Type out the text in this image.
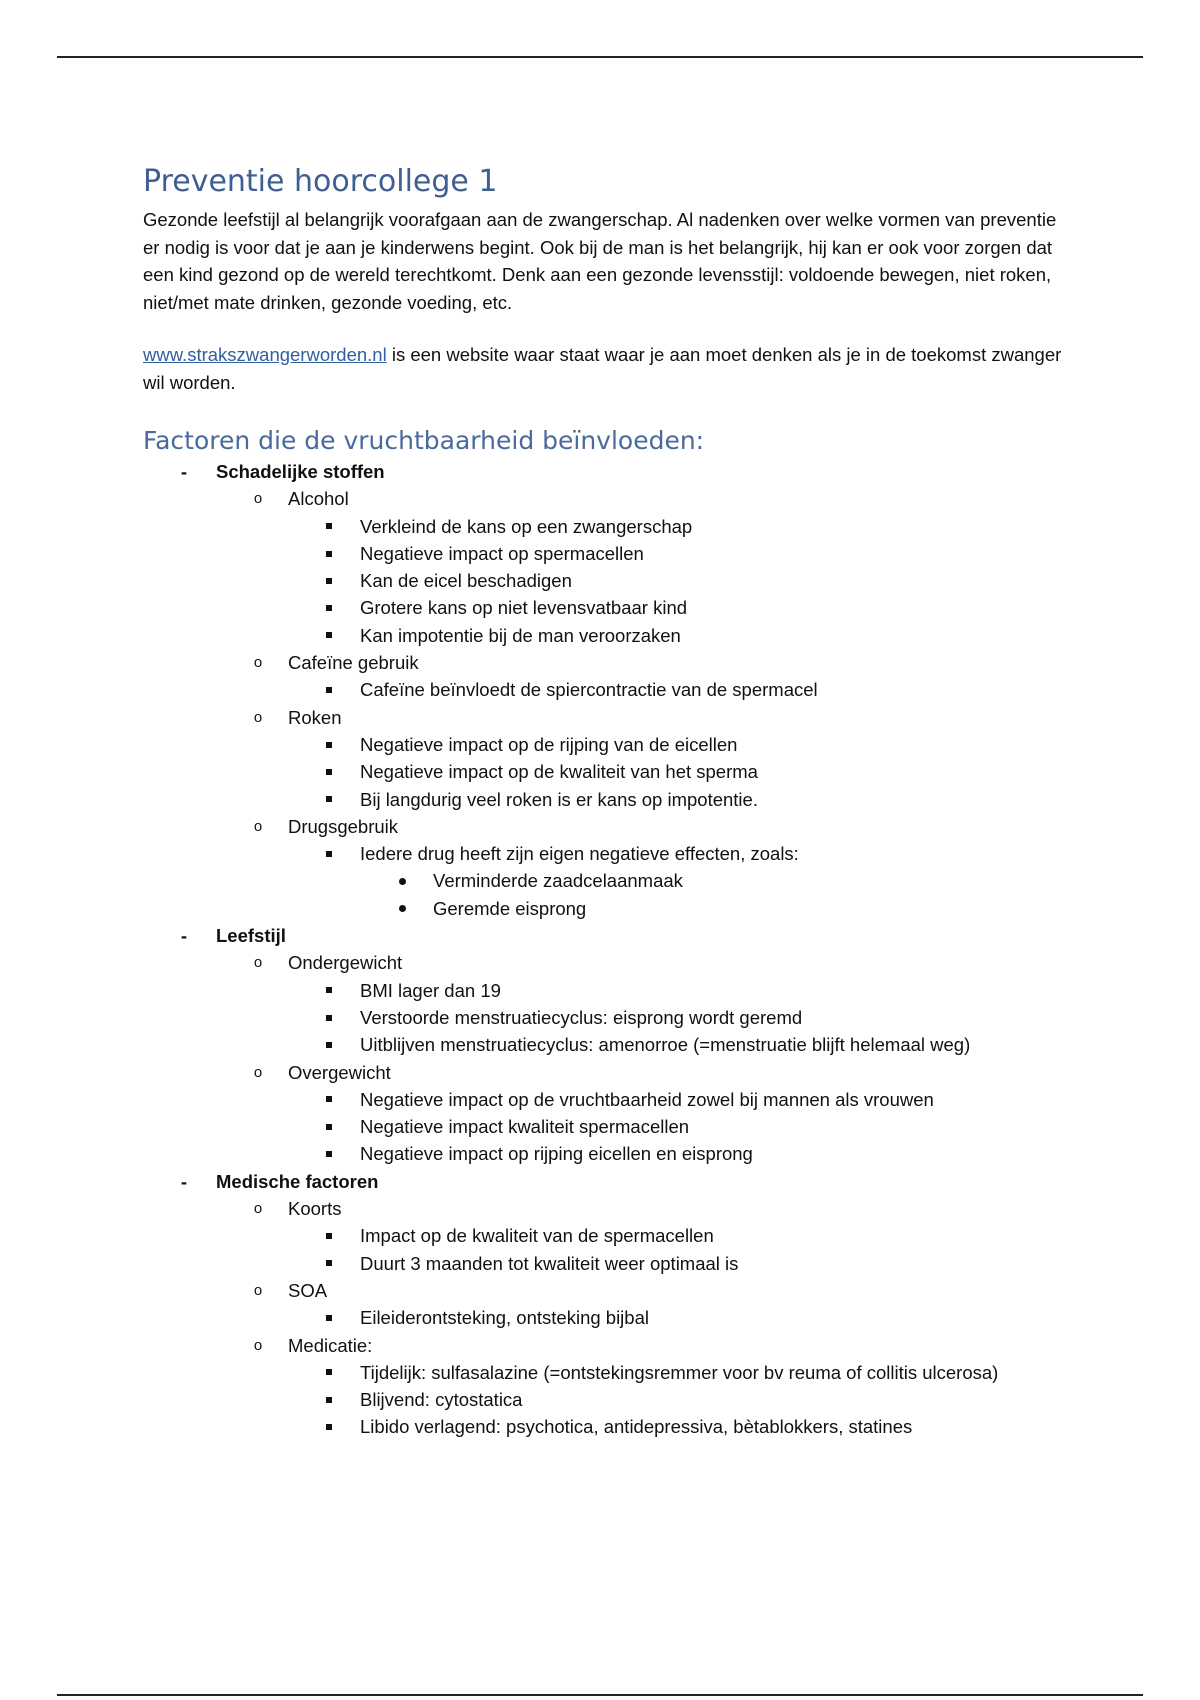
Preventie hoorcollege 1

Gezonde leefstijl al belangrijk voorafgaan aan de zwangerschap. Al nadenken over welke vormen van preventie er nodig is voor dat je aan je kinderwens begint. Ook bij de man is het belangrijk, hij kan er ook voor zorgen dat een kind gezond op de wereld terechtkomt. Denk aan een gezonde levensstijl: voldoende bewegen, niet roken, niet/met mate drinken, gezonde voeding, etc.

www.strakszwangerworden.nl is een website waar staat waar je aan moet denken als je in de toekomst zwanger wil worden.

Factoren die de vruchtbaarheid beïnvloeden:
- Schadelijke stoffen
o Alcohol
Verkleind de kans op een zwangerschap
Negatieve impact op spermacellen
Kan de eicel beschadigen
Grotere kans op niet levensvatbaar kind
Kan impotentie bij de man veroorzaken
o Cafeïne gebruik
Cafeïne beïnvloedt de spiercontractie van de spermacel
o Roken
Negatieve impact op de rijping van de eicellen
Negatieve impact op de kwaliteit van het sperma
Bij langdurig veel roken is er kans op impotentie.
o Drugsgebruik
Iedere drug heeft zijn eigen negatieve effecten, zoals:
Verminderde zaadcelaanmaak
Geremde eisprong
- Leefstijl
o Ondergewicht
BMI lager dan 19
Verstoorde menstruatiecyclus: eisprong wordt geremd
Uitblijven menstruatiecyclus: amenorroe (=menstruatie blijft helemaal weg)
o Overgewicht
Negatieve impact op de vruchtbaarheid zowel bij mannen als vrouwen
Negatieve impact kwaliteit spermacellen
Negatieve impact op rijping eicellen en eisprong
- Medische factoren
o Koorts
Impact op de kwaliteit van de spermacellen
Duurt 3 maanden tot kwaliteit weer optimaal is
o SOA
Eileiderontsteking, ontsteking bijbal
o Medicatie:
Tijdelijk: sulfasalazine (=ontstekingsremmer voor bv reuma of collitis ulcerosa)
Blijvend: cytostatica
Libido verlagend: psychotica, antidepressiva, bètablokkers, statines
